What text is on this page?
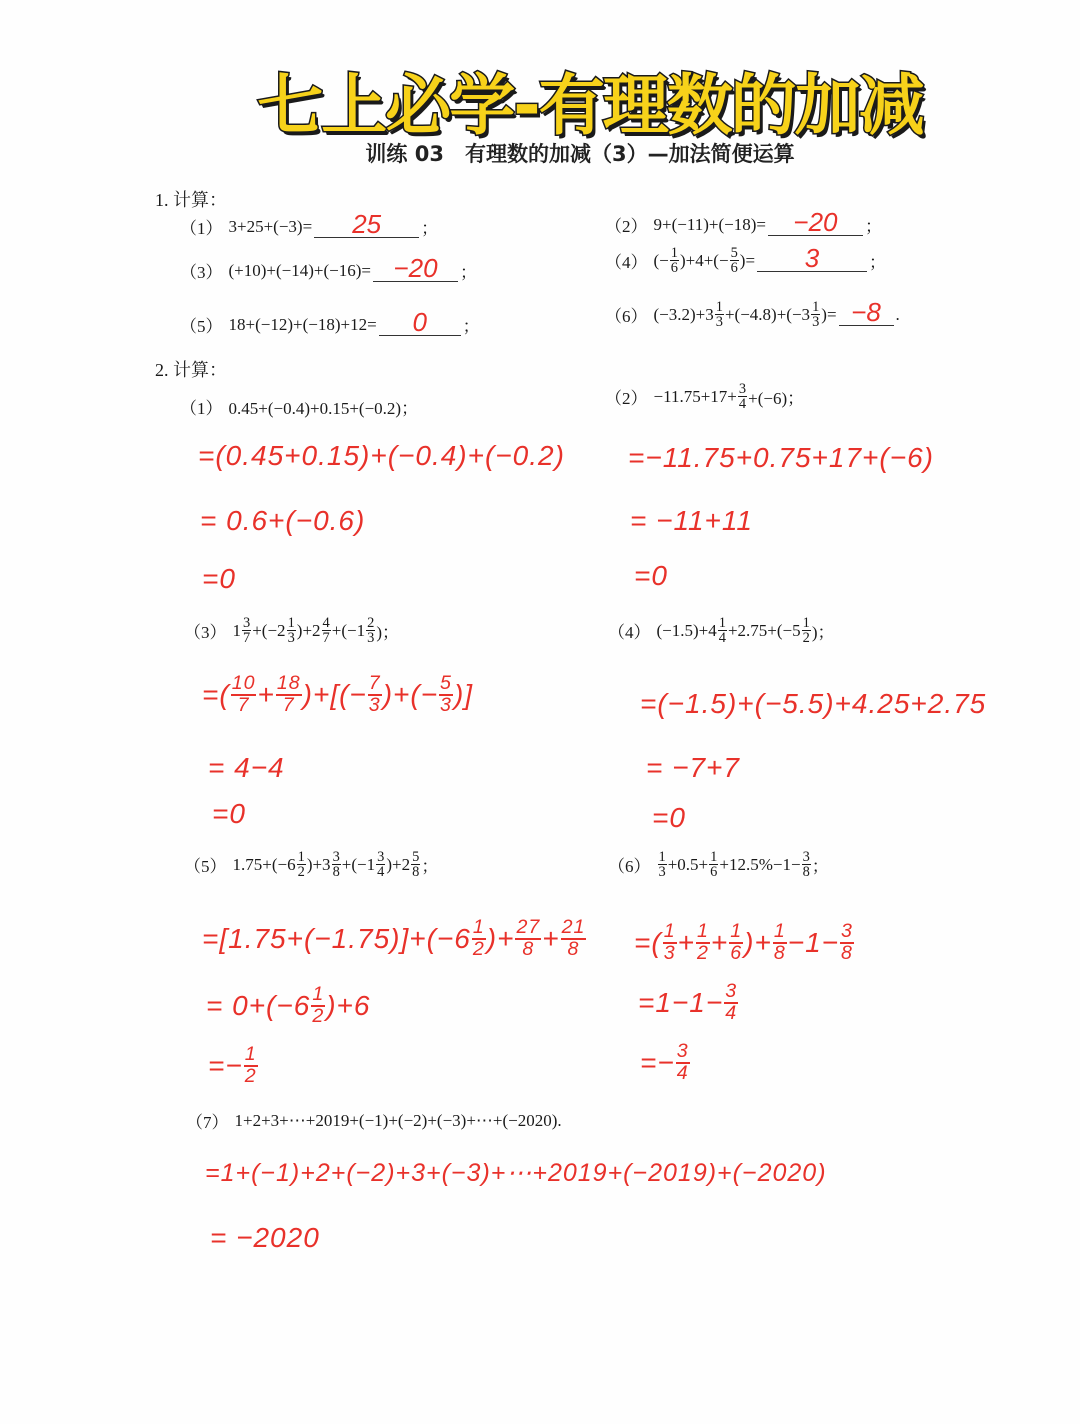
七上必学-有理数的加减
训练 03　有理数的加减（3）—加法简便运算
1. 计算：
（1） 3+25+(−3)=	25	；	（2） 9+(−11)+(−18)=	−20	；
（3） (+10)+(−14)+(−16)= −20	；
（4） (− $\frac{1}{6} )+4+(- \frac{5}{6}$ )=	3	；
（5） 18+(−12)+(−18)+12=	0	；
（6） $(-3.2)+3 \frac{1}{3} +(-4.8)+(-3 \frac{1}{3}$ )= −8 .
2. 计算：
（1） 0.45+(−0.4)+0.15+(−0.2)；
$(2) -11.75+17+ \frac{3}{4} +(-6)$；
=(0.45+0.15)+(−0.4)+(−0.2)
= 0.6+(−0.6)
=0
=−11.75+0.75+17+(−6)
= −11+11
=0
（3） $1 \frac{3}{7} +(-2 \frac{1}{3} )+2 \frac{4}{7} +(-1 \frac{2}{3}$ )；	（4） $(-1.5)+4 \frac{1}{4} +2.75+(-5 \frac{1}{2}$ )；
=( $\frac{10}{7} + \frac{18}{7}$ )+[(− $\frac{7}{3}$ )+(− $\frac{5}{3}$ )]
= 4−4
=0
=(−1.5)+(−5.5)+4.25+2.75
= −7+7
=0
（5） $1.75+(-6 \frac{1}{2} )+3 \frac{3}{8} +(-1 \frac{3}{4} )+2 \frac{5}{8}$ ；	$(6) \frac{1}{3} +0.5+ \frac{1}{6} +12.5\%-1- \frac{3}{8}$ ；
$=[1.75+(-1.75)]+(-6 \frac{1}{2}$ )+ $\frac{27}{8} + \frac{21}{8}$
= $0+(-6 \frac{1}{2} )+6$
=− $\frac{1}{2}$
=( $\frac{1}{3} + \frac{1}{2} + \frac{1}{6}$ )+ $\frac{1}{8} -1- \frac{3}{8}$
$=1-1- \frac{3}{4}$
=− $\frac{3}{4}$
（7） 1+2+3+⋯+2019+(−1)+(−2)+(−3)+⋯+(−2020).
=1+(−1)+2+(−2)+3+(−3)+⋯+2019+(−2019)+(−2020)
= −2020
